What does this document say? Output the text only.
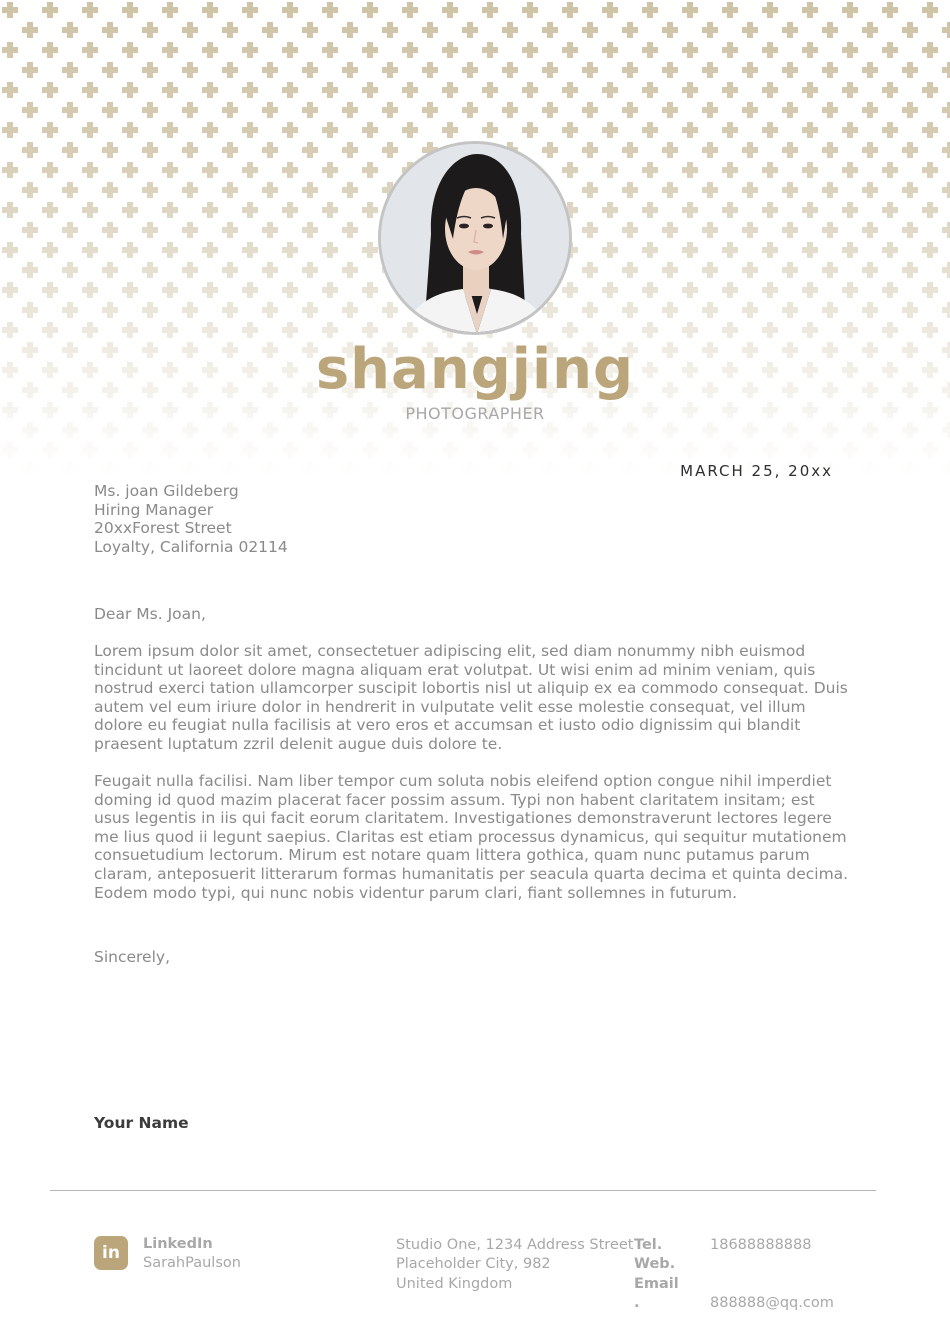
shangjing
PHOTOGRAPHER
MARCH 25, 20xx
Ms. joan Gildeberg
Hiring Manager
20xxForest Street
Loyalty, California 02114
Dear Ms. Joan,

Lorem ipsum dolor sit amet, consectetuer adipiscing elit, sed diam nonummy nibh euismod tincidunt ut laoreet dolore magna aliquam erat volutpat. Ut wisi enim ad minim veniam, quis nostrud exerci tation ullamcorper suscipit lobortis nisl ut aliquip ex ea commodo consequat. Duis autem vel eum iriure dolor in hendrerit in vulputate velit esse molestie consequat, vel illum dolore eu feugiat nulla facilisis at vero eros et accumsan et iusto odio dignissim qui blandit praesent luptatum zzril delenit augue duis dolore te.

Feugait nulla facilisi. Nam liber tempor cum soluta nobis eleifend option congue nihil imperdiet doming id quod mazim placerat facer possim assum. Typi non habent claritatem insitam; est usus legentis in iis qui facit eorum claritatem. Investigationes demonstraverunt lectores legere me lius quod ii legunt saepius. Claritas est etiam processus dynamicus, qui sequitur mutationem consuetudium lectorum. Mirum est notare quam littera gothica, quam nunc putamus parum claram, anteposuerit litterarum formas humanitatis per seacula quarta decima et quinta decima. Eodem modo typi, qui nunc nobis videntur parum clari, fiant sollemnes in futurum.

Sincerely,
Your Name
in	LinkedIn
SarahPaulson
Studio One, 1234 Address Street
Placeholder City, 982
United Kingdom
Tel.
Web.
Email
.
18688888888

888888@qq.com
